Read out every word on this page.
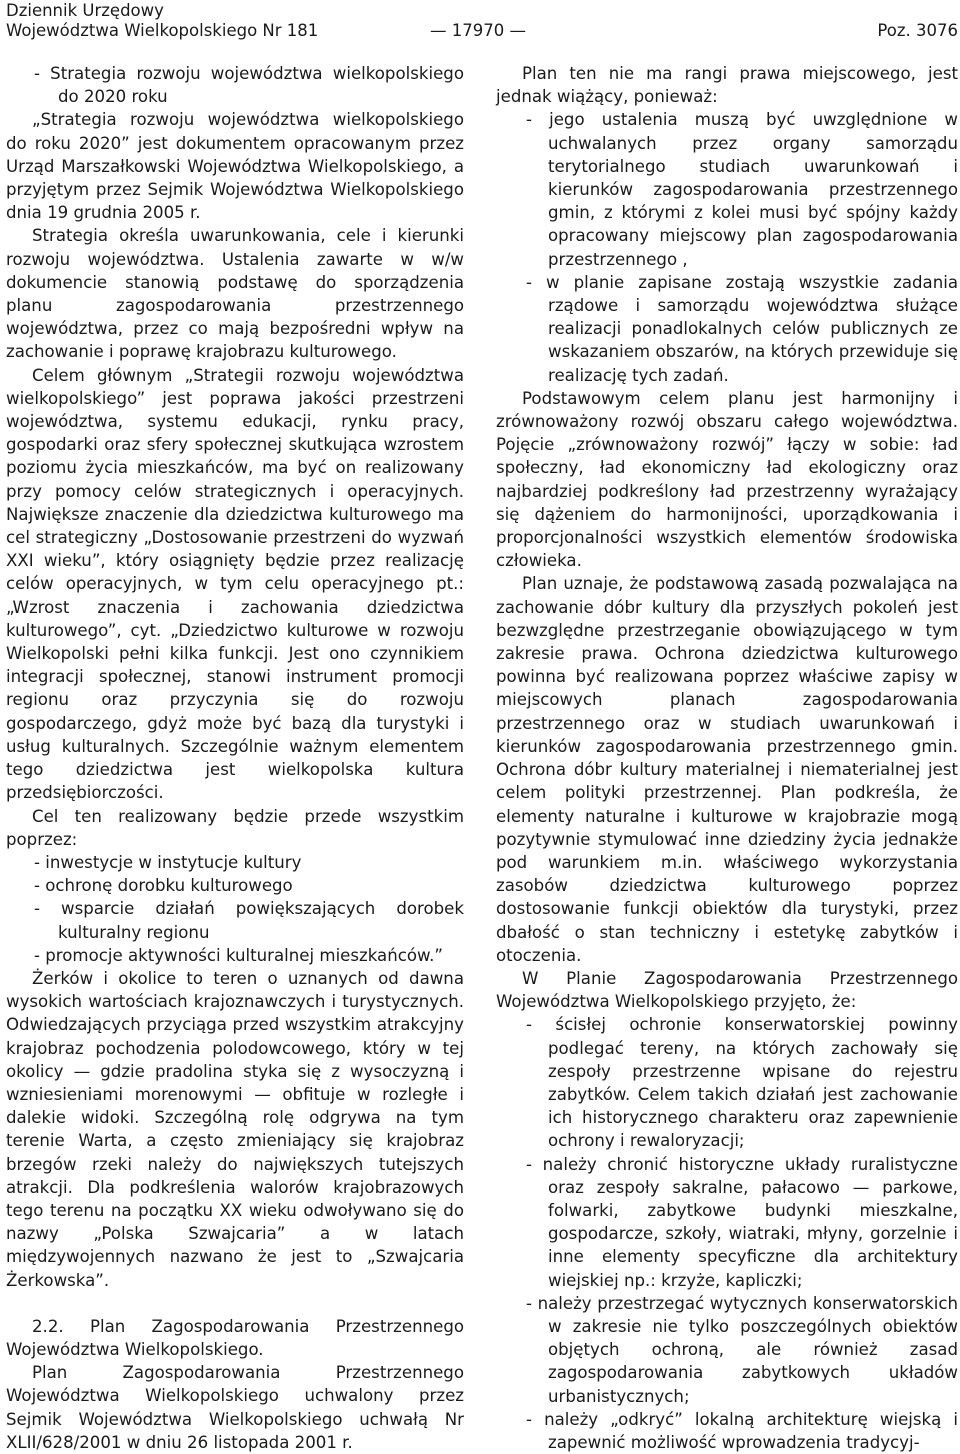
Dziennik Urzędowy
Województwa Wielkopolskiego Nr 181	— 17970 —	Poz. 3076

- Strategia rozwoju województwa wielkopolskiego do 2020 roku

„Strategia rozwoju województwa wielkopolskiego do roku 2020” jest dokumentem opracowanym przez Urząd Marszałkowski Województwa Wielkopolskiego, a przyjętym przez Sejmik Województwa Wielkopolskiego dnia 19 grudnia 2005 r.

Strategia określa uwarunkowania, cele i kierunki rozwoju województwa. Ustalenia zawarte w w/w dokumencie stanowią podstawę do sporządzenia planu zagospodarowania przestrzennego województwa, przez co mają bezpośredni wpływ na zachowanie i poprawę krajobrazu kulturowego.

Celem głównym „Strategii rozwoju województwa wielkopolskiego” jest poprawa jakości przestrzeni województwa, systemu edukacji, rynku pracy, gospodarki oraz sfery społecznej skutkująca wzrostem poziomu życia mieszkańców, ma być on realizowany przy pomocy celów strategicznych i operacyjnych. Największe znaczenie dla dziedzictwa kulturowego ma cel strategiczny „Dostosowanie przestrzeni do wyzwań XXI wieku”, który osiągnięty będzie przez realizację celów operacyjnych, w tym celu operacyjnego pt.: „Wzrost znaczenia i zachowania dziedzictwa kulturowego”, cyt. „Dziedzictwo kulturowe w rozwoju Wielkopolski pełni kilka funkcji. Jest ono czynnikiem integracji społecznej, stanowi instrument promocji regionu oraz przyczynia się do rozwoju gospodarczego, gdyż może być bazą dla turystyki i usług kulturalnych. Szczególnie ważnym elementem tego dziedzictwa jest wielkopolska kultura przedsiębiorczości.

Cel ten realizowany będzie przede wszystkim poprzez:

- inwestycje w instytucje kultury

- ochronę dorobku kulturowego

- wsparcie działań powiększających dorobek kulturalny regionu

- promocje aktywności kulturalnej mieszkańców.”

Żerków i okolice to teren o uznanych od dawna wysokich wartościach krajoznawczych i turystycznych. Odwiedzających przyciąga przed wszystkim atrakcyjny krajobraz pochodzenia polodowcowego, który w tej okolicy — gdzie pradolina styka się z wysoczyzną i wzniesieniami morenowymi — obfituje w rozległe i dalekie widoki. Szczególną rolę odgrywa na tym terenie Warta, a często zmieniający się krajobraz brzegów rzeki należy do największych tutejszych atrakcji. Dla podkreślenia walorów krajobrazowych tego terenu na początku XX wieku odwoływano się do nazwy „Polska Szwajcaria” a w latach międzywojennych nazwano że jest to „Szwajcaria Żerkowska”.

2.2. Plan Zagospodarowania Przestrzennego Województwa Wielkopolskiego.

Plan Zagospodarowania Przestrzennego Województwa Wielkopolskiego uchwalony przez Sejmik Województwa Wielkopolskiego uchwałą Nr XLII/628/2001 w dniu 26 listopada 2001 r.

Plan ten nie ma rangi prawa miejscowego, jest jednak wiążący, ponieważ:

- jego ustalenia muszą być uwzględnione w uchwalanych przez organy samorządu terytorialnego studiach uwarunkowań i kierunków zagospodarowania przestrzennego gmin, z którymi z kolei musi być spójny każdy opracowany miejscowy plan zagospodarowania przestrzennego ,

- w planie zapisane zostają wszystkie zadania rządowe i samorządu województwa służące realizacji ponadlokalnych celów publicznych ze wskazaniem obszarów, na których przewiduje się realizację tych zadań.

Podstawowym celem planu jest harmonijny i zrównoważony rozwój obszaru całego województwa. Pojęcie „zrównoważony rozwój” łączy w sobie: ład społeczny, ład ekonomiczny ład ekologiczny oraz najbardziej podkreślony ład przestrzenny wyrażający się dążeniem do harmonijności, uporządkowania i proporcjonalności wszystkich elementów środowiska człowieka.

Plan uznaje, że podstawową zasadą pozwalająca na zachowanie dóbr kultury dla przyszłych pokoleń jest bezwzględne przestrzeganie obowiązującego w tym zakresie prawa. Ochrona dziedzictwa kulturowego powinna być realizowana poprzez właściwe zapisy w miejscowych planach zagospodarowania przestrzennego oraz w studiach uwarunkowań i kierunków zagospodarowania przestrzennego gmin. Ochrona dóbr kultury materialnej i niematerialnej jest celem polityki przestrzennej. Plan podkreśla, że elementy naturalne i kulturowe w krajobrazie mogą pozytywnie stymulować inne dziedziny życia jednakże pod warunkiem m.in. właściwego wykorzystania zasobów dziedzictwa kulturowego poprzez dostosowanie funkcji obiektów dla turystyki, przez dbałość o stan techniczny i estetykę zabytków i otoczenia.

W Planie Zagospodarowania Przestrzennego Województwa Wielkopolskiego przyjęto, że:

- ścisłej ochronie konserwatorskiej powinny podlegać tereny, na których zachowały się zespoły przestrzenne wpisane do rejestru zabytków. Celem takich działań jest zachowanie ich historycznego charakteru oraz zapewnienie ochrony i rewaloryzacji;

- należy chronić historyczne układy ruralistyczne oraz zespoły sakralne, pałacowo — parkowe, folwarki, zabytkowe budynki mieszkalne, gospodarcze, szkoły, wiatraki, młyny, gorzelnie i inne elementy specyficzne dla architektury wiejskiej np.: krzyże, kapliczki;

- należy przestrzegać wytycznych konserwatorskich w zakresie nie tylko poszczególnych obiektów objętych ochroną, ale również zasad zagospodarowania zabytkowych układów urbanistycznych;

- należy „odkryć” lokalną architekturę wiejską i zapewnić możliwość wprowadzenia tradycyj-
